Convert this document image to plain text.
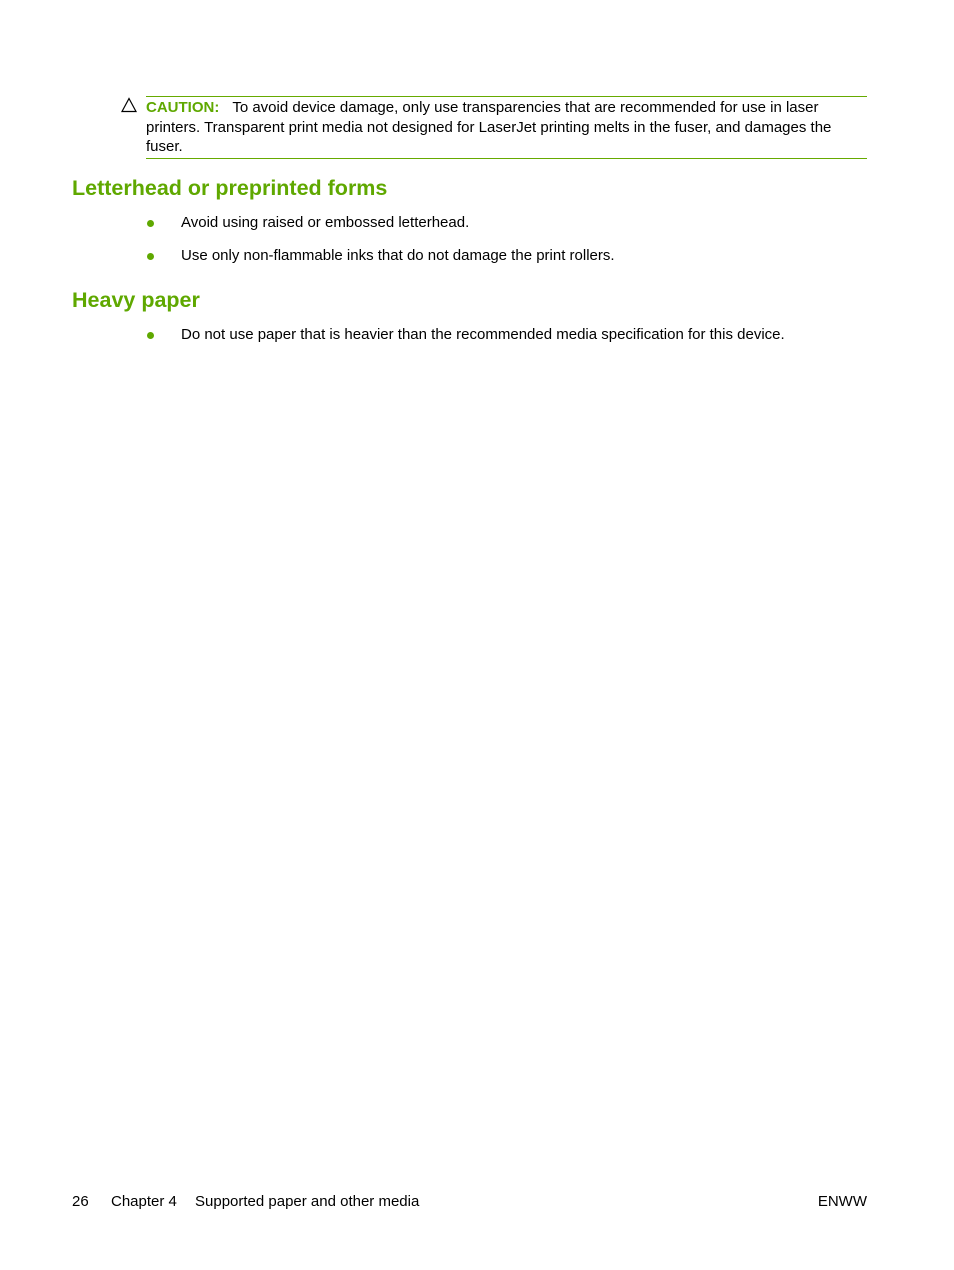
CAUTION: To avoid device damage, only use transparencies that are recommended for use in laser printers. Transparent print media not designed for LaserJet printing melts in the fuser, and damages the fuser.
Letterhead or preprinted forms
Avoid using raised or embossed letterhead.
Use only non-flammable inks that do not damage the print rollers.
Heavy paper
Do not use paper that is heavier than the recommended media specification for this device.
26 Chapter 4 Supported paper and other media	ENWW
